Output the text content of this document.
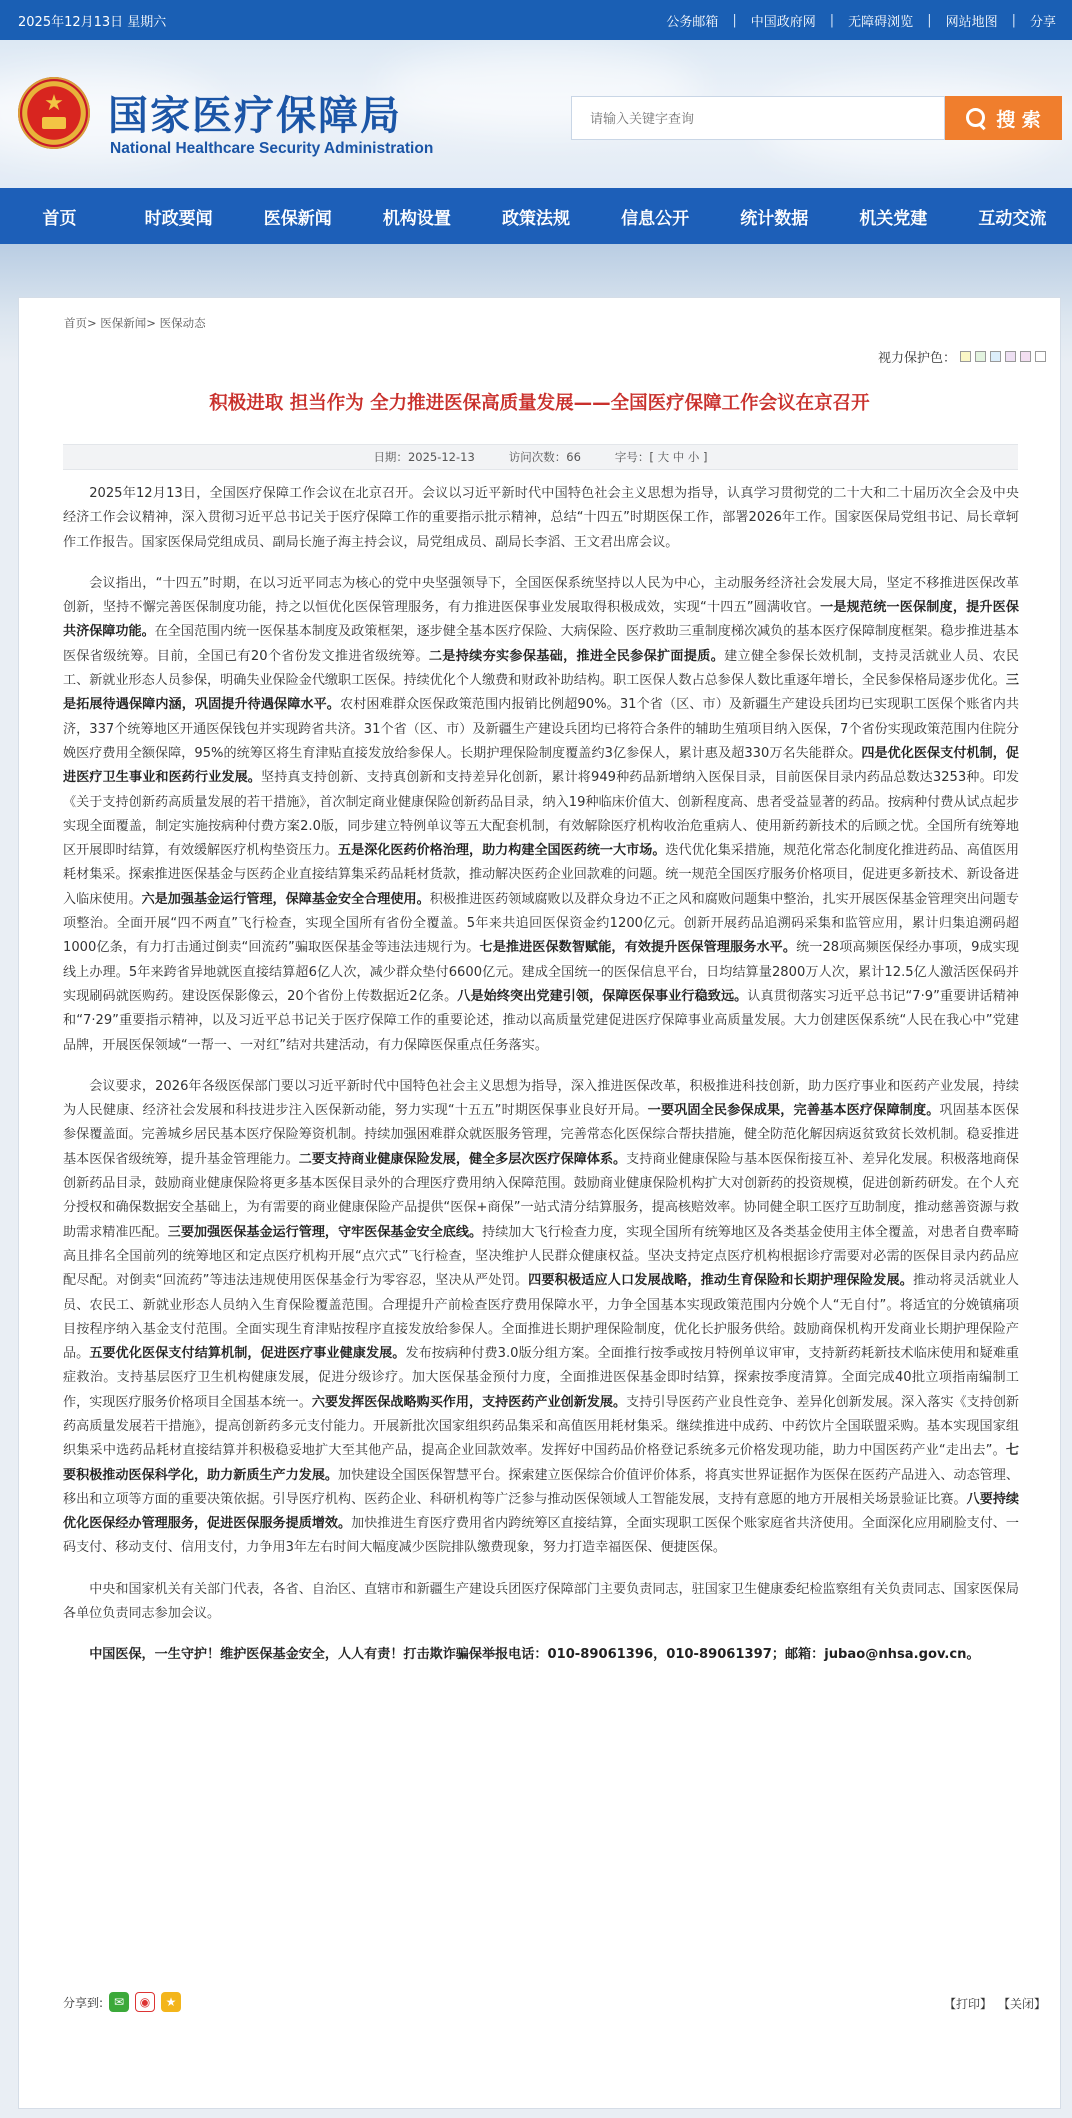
2025年12月13日 星期六	公务邮箱	|	中国政府网	|	无障碍浏览	|	网站地图	|	分享
★	国家医疗保障局
National Healthcare Security Administration
请输入关键字查询
搜 索
首页	时政要闻	医保新闻	机构设置	政策法规	信息公开	统计数据	机关党建	互动交流
首页> 医保新闻> 医保动态
视力保护色：
积极进取 担当作为 全力推进医保高质量发展——全国医疗保障工作会议在京召开
日期：2025-12-13	访问次数：66	字号：[ 大 中 小 ]

2025年12月13日，全国医疗保障工作会议在北京召开。会议以习近平新时代中国特色社会主义思想为指导，认真学习贯彻党的二十大和二十届历次全会及中央经济工作会议精神，深入贯彻习近平总书记关于医疗保障工作的重要指示批示精神，总结“十四五”时期医保工作，部署2026年工作。国家医保局党组书记、局长章轲作工作报告。国家医保局党组成员、副局长施子海主持会议，局党组成员、副局长李滔、王文君出席会议。

会议指出，“十四五”时期，在以习近平同志为核心的党中央坚强领导下，全国医保系统坚持以人民为中心，主动服务经济社会发展大局，坚定不移推进医保改革创新，坚持不懈完善医保制度功能，持之以恒优化医保管理服务，有力推进医保事业发展取得积极成效，实现“十四五”圆满收官。一是规范统一医保制度，提升医保共济保障功能。在全国范围内统一医保基本制度及政策框架，逐步健全基本医疗保险、大病保险、医疗救助三重制度梯次减负的基本医疗保障制度框架。稳步推进基本医保省级统筹。目前，全国已有20个省份发文推进省级统筹。二是持续夯实参保基础，推进全民参保扩面提质。建立健全参保长效机制，支持灵活就业人员、农民工、新就业形态人员参保，明确失业保险金代缴职工医保。持续优化个人缴费和财政补助结构。职工医保人数占总参保人数比重逐年增长，全民参保格局逐步优化。三是拓展待遇保障内涵，巩固提升待遇保障水平。农村困难群众医保政策范围内报销比例超90%。31个省（区、市）及新疆生产建设兵团均已实现职工医保个账省内共济，337个统筹地区开通医保钱包并实现跨省共济。31个省（区、市）及新疆生产建设兵团均已将符合条件的辅助生殖项目纳入医保，7个省份实现政策范围内住院分娩医疗费用全额保障，95%的统筹区将生育津贴直接发放给参保人。长期护理保险制度覆盖约3亿参保人，累计惠及超330万名失能群众。四是优化医保支付机制，促进医疗卫生事业和医药行业发展。坚持真支持创新、支持真创新和支持差异化创新，累计将949种药品新增纳入医保目录，目前医保目录内药品总数达3253种。印发《关于支持创新药高质量发展的若干措施》，首次制定商业健康保险创新药品目录，纳入19种临床价值大、创新程度高、患者受益显著的药品。按病种付费从试点起步实现全面覆盖，制定实施按病种付费方案2.0版，同步建立特例单议等五大配套机制，有效解除医疗机构收治危重病人、使用新药新技术的后顾之忧。全国所有统筹地区开展即时结算，有效缓解医疗机构垫资压力。五是深化医药价格治理，助力构建全国医药统一大市场。迭代优化集采措施，规范化常态化制度化推进药品、高值医用耗材集采。探索推进医保基金与医药企业直接结算集采药品耗材货款，推动解决医药企业回款难的问题。统一规范全国医疗服务价格项目，促进更多新技术、新设备进入临床使用。六是加强基金运行管理，保障基金安全合理使用。积极推进医药领域腐败以及群众身边不正之风和腐败问题集中整治，扎实开展医保基金管理突出问题专项整治。全面开展“四不两直”飞行检查，实现全国所有省份全覆盖。5年来共追回医保资金约1200亿元。创新开展药品追溯码采集和监管应用，累计归集追溯码超1000亿条，有力打击通过倒卖“回流药”骗取医保基金等违法违规行为。七是推进医保数智赋能，有效提升医保管理服务水平。统一28项高频医保经办事项，9成实现线上办理。5年来跨省异地就医直接结算超6亿人次，减少群众垫付6600亿元。建成全国统一的医保信息平台，日均结算量2800万人次，累计12.5亿人激活医保码并实现刷码就医购药。建设医保影像云，20个省份上传数据近2亿条。八是始终突出党建引领，保障医保事业行稳致远。认真贯彻落实习近平总书记“7·9”重要讲话精神和“7·29”重要指示精神，以及习近平总书记关于医疗保障工作的重要论述，推动以高质量党建促进医疗保障事业高质量发展。大力创建医保系统“人民在我心中”党建品牌，开展医保领域“一帮一、一对红”结对共建活动，有力保障医保重点任务落实。

会议要求，2026年各级医保部门要以习近平新时代中国特色社会主义思想为指导，深入推进医保改革，积极推进科技创新，助力医疗事业和医药产业发展，持续为人民健康、经济社会发展和科技进步注入医保新动能，努力实现“十五五”时期医保事业良好开局。一要巩固全民参保成果，完善基本医疗保障制度。巩固基本医保参保覆盖面。完善城乡居民基本医疗保险筹资机制。持续加强困难群众就医服务管理，完善常态化医保综合帮扶措施，健全防范化解因病返贫致贫长效机制。稳妥推进基本医保省级统筹，提升基金管理能力。二要支持商业健康保险发展，健全多层次医疗保障体系。支持商业健康保险与基本医保衔接互补、差异化发展。积极落地商保创新药品目录，鼓励商业健康保险将更多基本医保目录外的合理医疗费用纳入保障范围。鼓励商业健康保险机构扩大对创新药的投资规模，促进创新药研发。在个人充分授权和确保数据安全基础上，为有需要的商业健康保险产品提供“医保+商保”一站式清分结算服务，提高核赔效率。协同健全职工医疗互助制度，推动慈善资源与救助需求精准匹配。三要加强医保基金运行管理，守牢医保基金安全底线。持续加大飞行检查力度，实现全国所有统筹地区及各类基金使用主体全覆盖，对患者自费率畸高且排名全国前列的统筹地区和定点医疗机构开展“点穴式”飞行检查，坚决维护人民群众健康权益。坚决支持定点医疗机构根据诊疗需要对必需的医保目录内药品应配尽配。对倒卖“回流药”等违法违规使用医保基金行为零容忍，坚决从严处罚。四要积极适应人口发展战略，推动生育保险和长期护理保险发展。推动将灵活就业人员、农民工、新就业形态人员纳入生育保险覆盖范围。合理提升产前检查医疗费用保障水平，力争全国基本实现政策范围内分娩个人“无自付”。将适宜的分娩镇痛项目按程序纳入基金支付范围。全面实现生育津贴按程序直接发放给参保人。全面推进长期护理保险制度，优化长护服务供给。鼓励商保机构开发商业长期护理保险产品。五要优化医保支付结算机制，促进医疗事业健康发展。发布按病种付费3.0版分组方案。全面推行按季或按月特例单议审审，支持新药耗新技术临床使用和疑难重症救治。支持基层医疗卫生机构健康发展，促进分级诊疗。加大医保基金预付力度，全面推进医保基金即时结算，探索按季度清算。全面完成40批立项指南编制工作，实现医疗服务价格项目全国基本统一。六要发挥医保战略购买作用，支持医药产业创新发展。支持引导医药产业良性竞争、差异化创新发展。深入落实《支持创新药高质量发展若干措施》，提高创新药多元支付能力。开展新批次国家组织药品集采和高值医用耗材集采。继续推进中成药、中药饮片全国联盟采购。基本实现国家组织集采中选药品耗材直接结算并积极稳妥地扩大至其他产品，提高企业回款效率。发挥好中国药品价格登记系统多元价格发现功能，助力中国医药产业“走出去”。七要积极推动医保科学化，助力新质生产力发展。加快建设全国医保智慧平台。探索建立医保综合价值评价体系，将真实世界证据作为医保在医药产品进入、动态管理、移出和立项等方面的重要决策依据。引导医疗机构、医药企业、科研机构等广泛参与推动医保领域人工智能发展，支持有意愿的地方开展相关场景验证比赛。八要持续优化医保经办管理服务，促进医保服务提质增效。加快推进生育医疗费用省内跨统筹区直接结算，全面实现职工医保个账家庭省共济使用。全面深化应用刷脸支付、一码支付、移动支付、信用支付，力争用3年左右时间大幅度减少医院排队缴费现象，努力打造幸福医保、便捷医保。

中央和国家机关有关部门代表，各省、自治区、直辖市和新疆生产建设兵团医疗保障部门主要负责同志，驻国家卫生健康委纪检监察组有关负责同志、国家医保局各单位负责同志参加会议。

中国医保，一生守护！维护医保基金安全，人人有责！打击欺诈骗保举报电话：010-89061396，010-89061397；邮箱：jubao@nhsa.gov.cn。

分享到: ✉	◉	★	【打印】 【关闭】
